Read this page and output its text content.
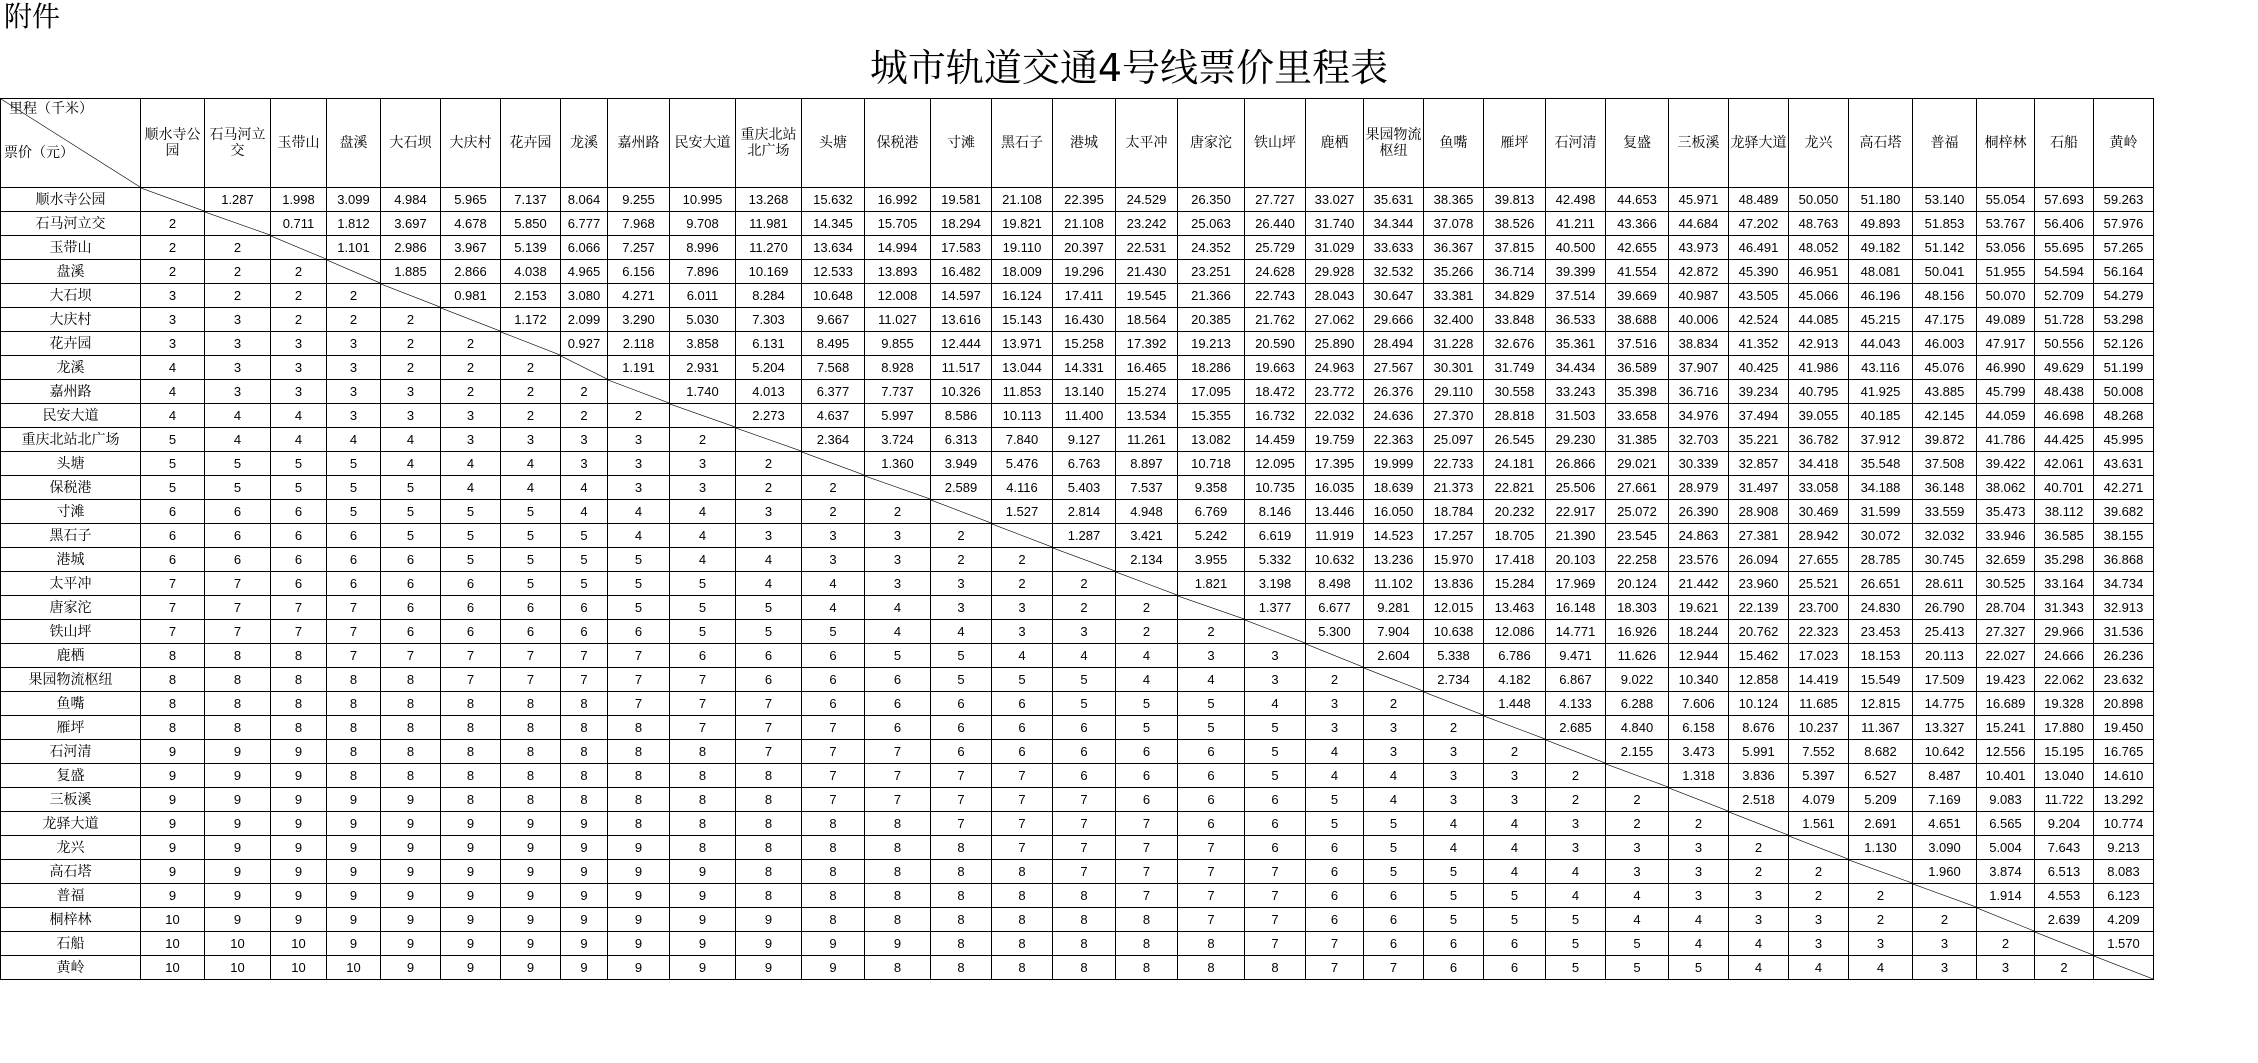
附件
城市轨道交通4号线票价里程表
里程（千米）
票价（元）	顺水寺公园	石马河立交	玉带山	盘溪	大石坝	大庆村	花卉园	龙溪	嘉州路	民安大道	重庆北站北广场	头塘	保税港	寸滩	黑石子	港城	太平冲	唐家沱	铁山坪	鹿栖	果园物流枢纽	鱼嘴	雁坪	石河清	复盛	三板溪	龙驿大道	龙兴	高石塔	普福	桐梓林	石船	黄岭
顺水寺公园		1.287	1.998	3.099	4.984	5.965	7.137	8.064	9.255	10.995	13.268	15.632	16.992	19.581	21.108	22.395	24.529	26.350	27.727	33.027	35.631	38.365	39.813	42.498	44.653	45.971	48.489	50.050	51.180	53.140	55.054	57.693	59.263
石马河立交	2		0.711	1.812	3.697	4.678	5.850	6.777	7.968	9.708	11.981	14.345	15.705	18.294	19.821	21.108	23.242	25.063	26.440	31.740	34.344	37.078	38.526	41.211	43.366	44.684	47.202	48.763	49.893	51.853	53.767	56.406	57.976
玉带山	2	2		1.101	2.986	3.967	5.139	6.066	7.257	8.996	11.270	13.634	14.994	17.583	19.110	20.397	22.531	24.352	25.729	31.029	33.633	36.367	37.815	40.500	42.655	43.973	46.491	48.052	49.182	51.142	53.056	55.695	57.265
盘溪	2	2	2		1.885	2.866	4.038	4.965	6.156	7.896	10.169	12.533	13.893	16.482	18.009	19.296	21.430	23.251	24.628	29.928	32.532	35.266	36.714	39.399	41.554	42.872	45.390	46.951	48.081	50.041	51.955	54.594	56.164
大石坝	3	2	2	2		0.981	2.153	3.080	4.271	6.011	8.284	10.648	12.008	14.597	16.124	17.411	19.545	21.366	22.743	28.043	30.647	33.381	34.829	37.514	39.669	40.987	43.505	45.066	46.196	48.156	50.070	52.709	54.279
大庆村	3	3	2	2	2		1.172	2.099	3.290	5.030	7.303	9.667	11.027	13.616	15.143	16.430	18.564	20.385	21.762	27.062	29.666	32.400	33.848	36.533	38.688	40.006	42.524	44.085	45.215	47.175	49.089	51.728	53.298
花卉园	3	3	3	3	2	2		0.927	2.118	3.858	6.131	8.495	9.855	12.444	13.971	15.258	17.392	19.213	20.590	25.890	28.494	31.228	32.676	35.361	37.516	38.834	41.352	42.913	44.043	46.003	47.917	50.556	52.126
龙溪	4	3	3	3	2	2	2		1.191	2.931	5.204	7.568	8.928	11.517	13.044	14.331	16.465	18.286	19.663	24.963	27.567	30.301	31.749	34.434	36.589	37.907	40.425	41.986	43.116	45.076	46.990	49.629	51.199
嘉州路	4	3	3	3	3	2	2	2		1.740	4.013	6.377	7.737	10.326	11.853	13.140	15.274	17.095	18.472	23.772	26.376	29.110	30.558	33.243	35.398	36.716	39.234	40.795	41.925	43.885	45.799	48.438	50.008
民安大道	4	4	4	3	3	3	2	2	2		2.273	4.637	5.997	8.586	10.113	11.400	13.534	15.355	16.732	22.032	24.636	27.370	28.818	31.503	33.658	34.976	37.494	39.055	40.185	42.145	44.059	46.698	48.268
重庆北站北广场	5	4	4	4	4	3	3	3	3	2		2.364	3.724	6.313	7.840	9.127	11.261	13.082	14.459	19.759	22.363	25.097	26.545	29.230	31.385	32.703	35.221	36.782	37.912	39.872	41.786	44.425	45.995
头塘	5	5	5	5	4	4	4	3	3	3	2		1.360	3.949	5.476	6.763	8.897	10.718	12.095	17.395	19.999	22.733	24.181	26.866	29.021	30.339	32.857	34.418	35.548	37.508	39.422	42.061	43.631
保税港	5	5	5	5	5	4	4	4	3	3	2	2		2.589	4.116	5.403	7.537	9.358	10.735	16.035	18.639	21.373	22.821	25.506	27.661	28.979	31.497	33.058	34.188	36.148	38.062	40.701	42.271
寸滩	6	6	6	5	5	5	5	4	4	4	3	2	2		1.527	2.814	4.948	6.769	8.146	13.446	16.050	18.784	20.232	22.917	25.072	26.390	28.908	30.469	31.599	33.559	35.473	38.112	39.682
黑石子	6	6	6	6	5	5	5	5	4	4	3	3	3	2		1.287	3.421	5.242	6.619	11.919	14.523	17.257	18.705	21.390	23.545	24.863	27.381	28.942	30.072	32.032	33.946	36.585	38.155
港城	6	6	6	6	6	5	5	5	5	4	4	3	3	2	2		2.134	3.955	5.332	10.632	13.236	15.970	17.418	20.103	22.258	23.576	26.094	27.655	28.785	30.745	32.659	35.298	36.868
太平冲	7	7	6	6	6	6	5	5	5	5	4	4	3	3	2	2		1.821	3.198	8.498	11.102	13.836	15.284	17.969	20.124	21.442	23.960	25.521	26.651	28.611	30.525	33.164	34.734
唐家沱	7	7	7	7	6	6	6	6	5	5	5	4	4	3	3	2	2		1.377	6.677	9.281	12.015	13.463	16.148	18.303	19.621	22.139	23.700	24.830	26.790	28.704	31.343	32.913
铁山坪	7	7	7	7	6	6	6	6	6	5	5	5	4	4	3	3	2	2		5.300	7.904	10.638	12.086	14.771	16.926	18.244	20.762	22.323	23.453	25.413	27.327	29.966	31.536
鹿栖	8	8	8	7	7	7	7	7	7	6	6	6	5	5	4	4	4	3	3		2.604	5.338	6.786	9.471	11.626	12.944	15.462	17.023	18.153	20.113	22.027	24.666	26.236
果园物流枢纽	8	8	8	8	8	7	7	7	7	7	6	6	6	5	5	5	4	4	3	2		2.734	4.182	6.867	9.022	10.340	12.858	14.419	15.549	17.509	19.423	22.062	23.632
鱼嘴	8	8	8	8	8	8	8	8	7	7	7	6	6	6	6	5	5	5	4	3	2		1.448	4.133	6.288	7.606	10.124	11.685	12.815	14.775	16.689	19.328	20.898
雁坪	8	8	8	8	8	8	8	8	8	7	7	7	6	6	6	6	5	5	5	3	3	2		2.685	4.840	6.158	8.676	10.237	11.367	13.327	15.241	17.880	19.450
石河清	9	9	9	8	8	8	8	8	8	8	7	7	7	6	6	6	6	6	5	4	3	3	2		2.155	3.473	5.991	7.552	8.682	10.642	12.556	15.195	16.765
复盛	9	9	9	8	8	8	8	8	8	8	8	7	7	7	7	6	6	6	5	4	4	3	3	2		1.318	3.836	5.397	6.527	8.487	10.401	13.040	14.610
三板溪	9	9	9	9	9	8	8	8	8	8	8	7	7	7	7	7	6	6	6	5	4	3	3	2	2		2.518	4.079	5.209	7.169	9.083	11.722	13.292
龙驿大道	9	9	9	9	9	9	9	9	8	8	8	8	8	7	7	7	7	6	6	5	5	4	4	3	2	2		1.561	2.691	4.651	6.565	9.204	10.774
龙兴	9	9	9	9	9	9	9	9	9	8	8	8	8	8	7	7	7	7	6	6	5	4	4	3	3	3	2		1.130	3.090	5.004	7.643	9.213
高石塔	9	9	9	9	9	9	9	9	9	9	8	8	8	8	8	7	7	7	7	6	5	5	4	4	3	3	2	2		1.960	3.874	6.513	8.083
普福	9	9	9	9	9	9	9	9	9	9	8	8	8	8	8	8	7	7	7	6	6	5	5	4	4	3	3	2	2		1.914	4.553	6.123
桐梓林	10	9	9	9	9	9	9	9	9	9	9	8	8	8	8	8	8	7	7	6	6	5	5	5	4	4	3	3	2	2		2.639	4.209
石船	10	10	10	9	9	9	9	9	9	9	9	9	9	8	8	8	8	8	7	7	6	6	6	5	5	4	4	3	3	3	2		1.570
黄岭	10	10	10	10	9	9	9	9	9	9	9	9	8	8	8	8	8	8	8	7	7	6	6	5	5	5	4	4	4	3	3	2	
